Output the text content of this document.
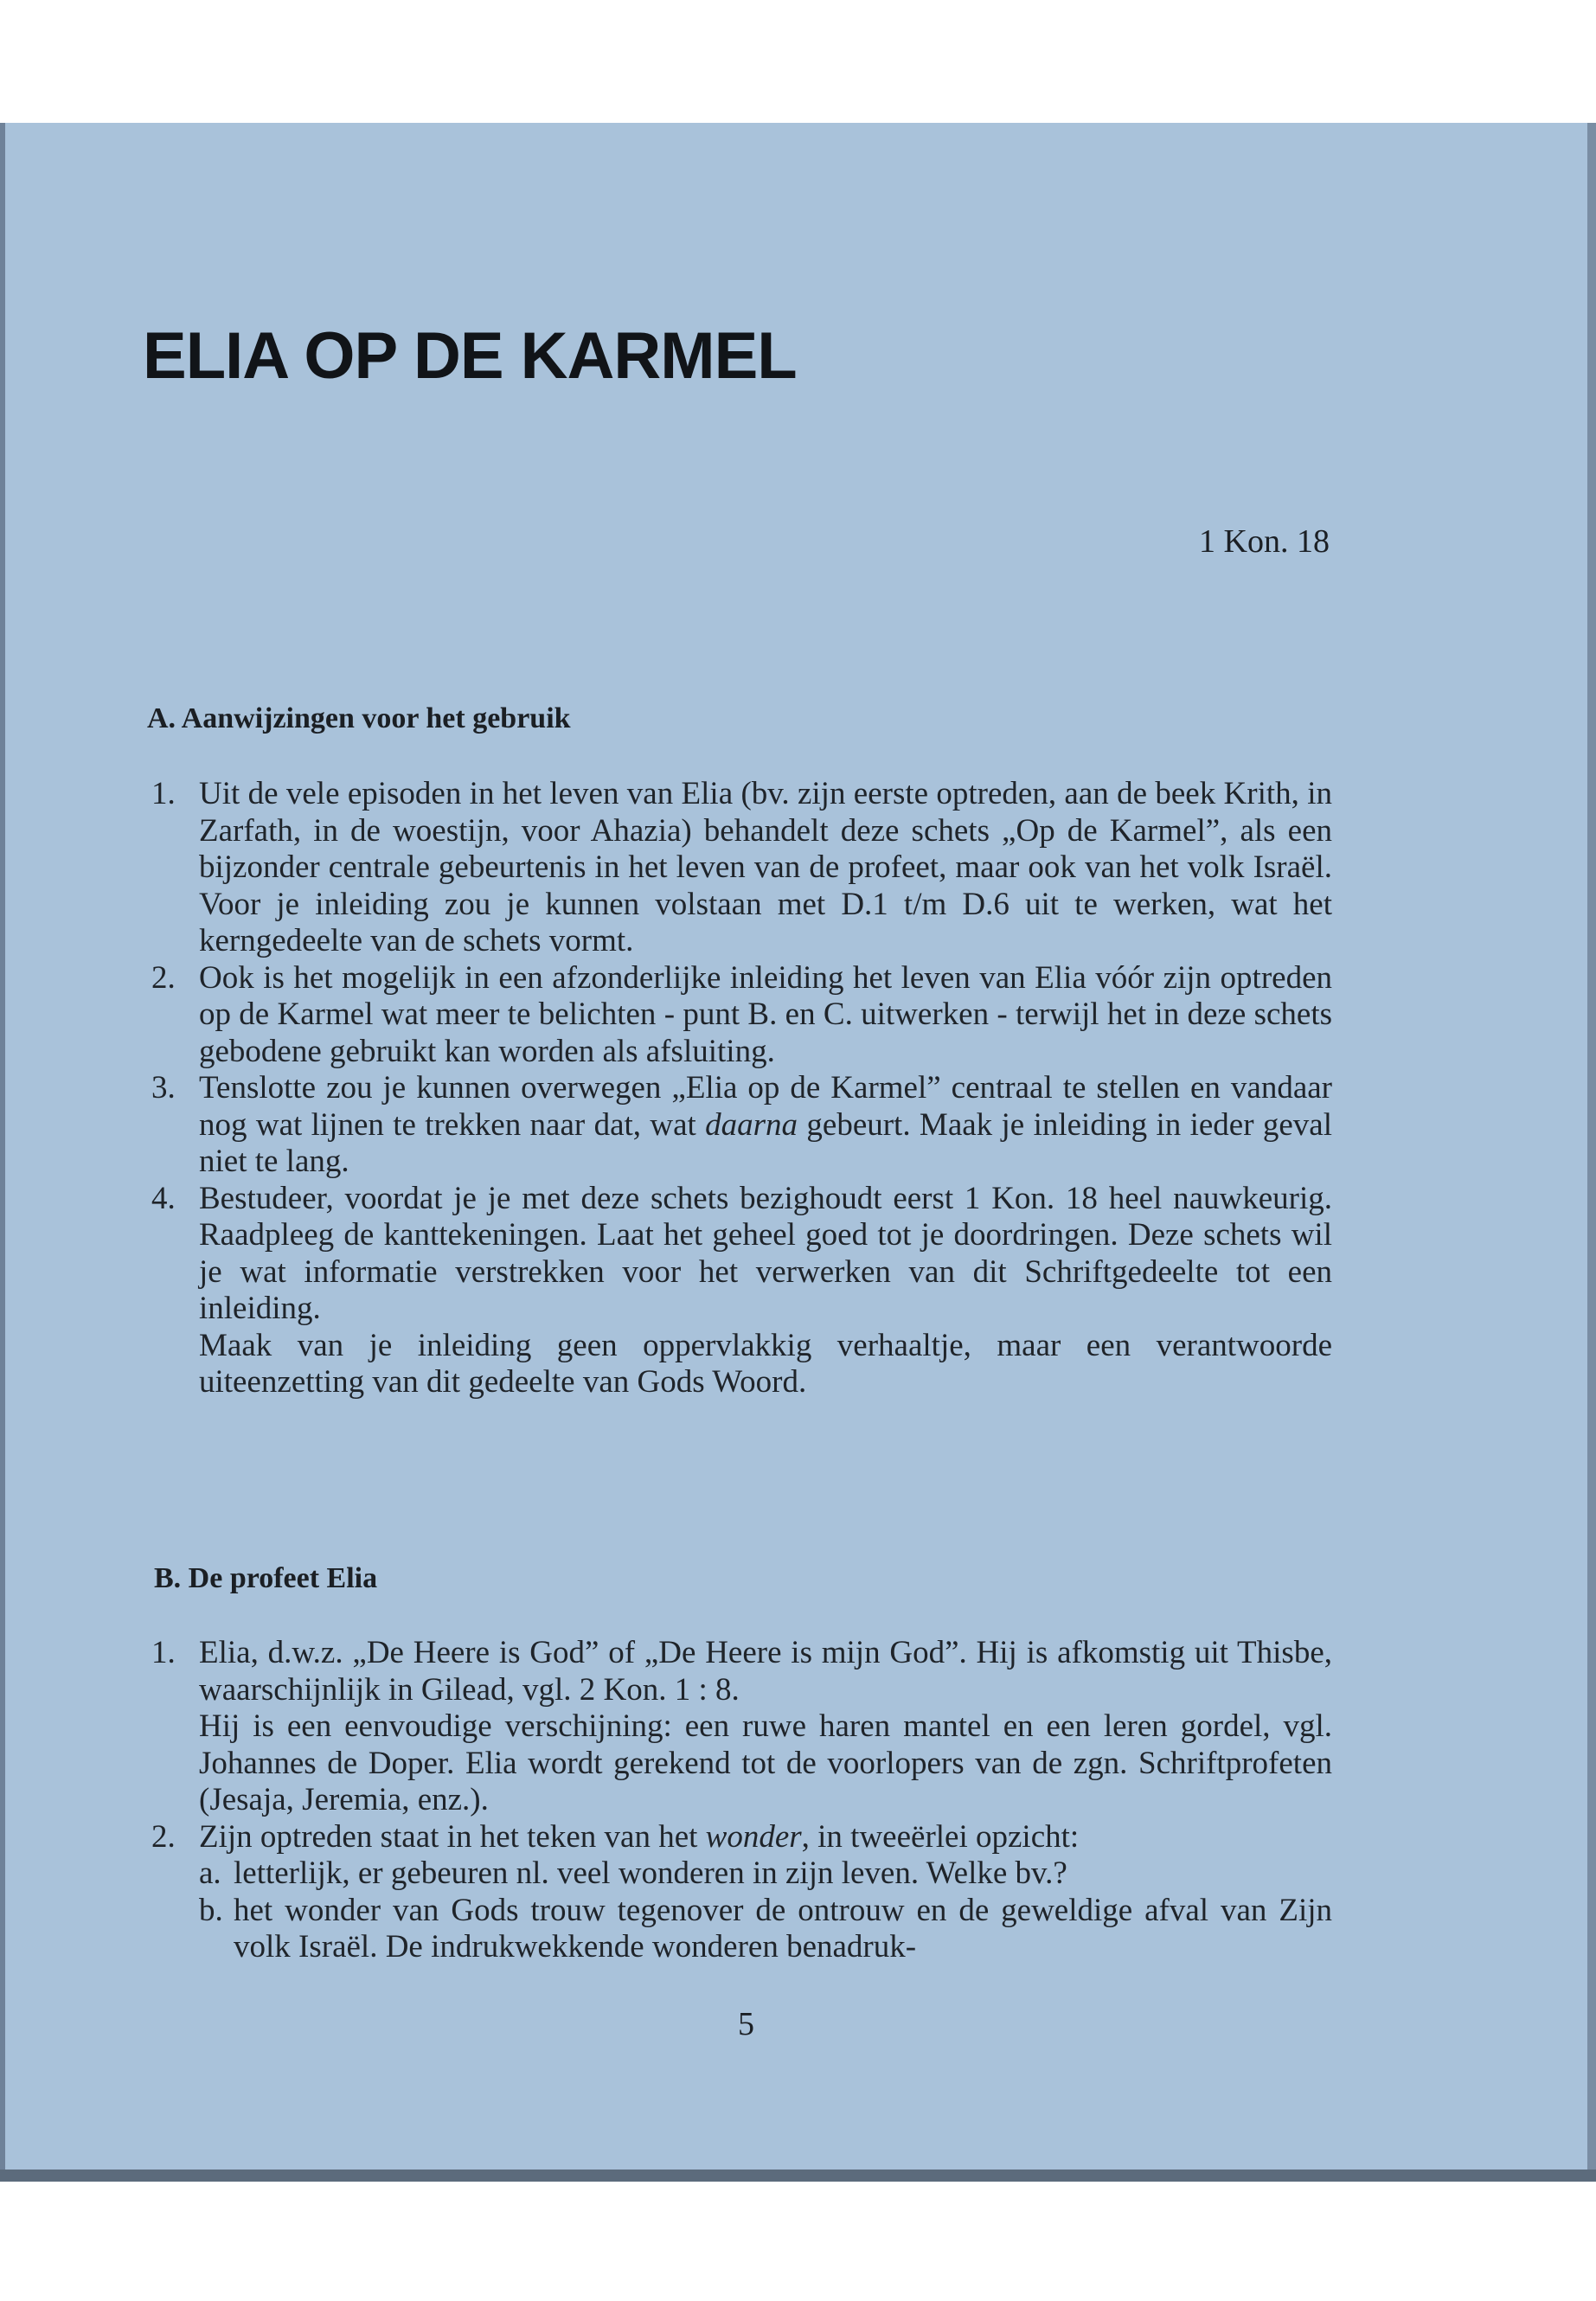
ELIA OP DE KARMEL
1 Kon. 18
A. Aanwijzingen voor het gebruik
1. Uit de vele episoden in het leven van Elia (bv. zijn eerste optreden, aan de beek Krith, in Zarfath, in de woestijn, voor Ahazia) behandelt deze schets „Op de Karmel”, als een bijzonder centrale gebeurtenis in het leven van de profeet, maar ook van het volk Israël. Voor je inleiding zou je kunnen volstaan met D.1 t/m D.6 uit te werken, wat het kerngedeelte van de schets vormt.
2. Ook is het mogelijk in een afzonderlijke inleiding het leven van Elia vóór zijn optreden op de Karmel wat meer te belichten - punt B. en C. uitwerken - terwijl het in deze schets gebodene gebruikt kan worden als afsluiting.
3. Tenslotte zou je kunnen overwegen „Elia op de Karmel” centraal te stellen en vandaar nog wat lijnen te trekken naar dat, wat daarna gebeurt. Maak je inleiding in ieder geval niet te lang.
4. Bestudeer, voordat je je met deze schets bezighoudt eerst 1 Kon. 18 heel nauwkeurig. Raadpleeg de kanttekeningen. Laat het geheel goed tot je doordringen. Deze schets wil je wat informatie verstrekken voor het verwerken van dit Schriftgedeelte tot een inleiding.

Maak van je inleiding geen oppervlakkig verhaaltje, maar een verantwoorde uiteenzetting van dit gedeelte van Gods Woord.

B. De profeet Elia
1. Elia, d.w.z. „De Heere is God” of „De Heere is mijn God”. Hij is afkomstig uit Thisbe, waarschijnlijk in Gilead, vgl. 2 Kon. 1 : 8.

Hij is een eenvoudige verschijning: een ruwe haren mantel en een leren gordel, vgl. Johannes de Doper. Elia wordt gerekend tot de voorlopers van de zgn. Schriftprofeten (Jesaja, Jeremia, enz.).

2. Zijn optreden staat in het teken van het wonder, in tweeërlei opzicht:
a. letterlijk, er gebeuren nl. veel wonderen in zijn leven. Welke bv.?
b. het wonder van Gods trouw tegenover de ontrouw en de geweldige afval van Zijn volk Israël. De indrukwekkende wonderen benadruk-
5
